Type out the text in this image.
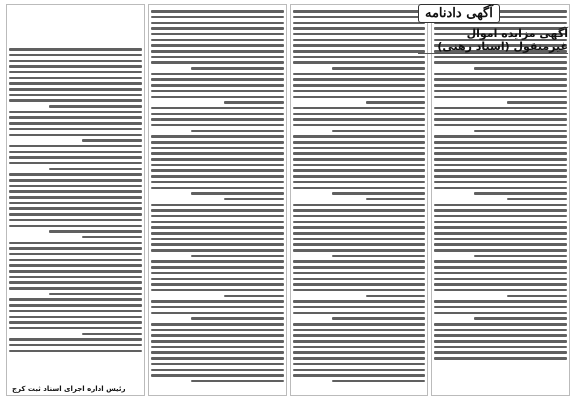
آگهی دادنامه
آگهی مزایده اموال غیرمنقول (اسناد رهنی)
رئیس اداره اجرای اسناد ثبت کرج
